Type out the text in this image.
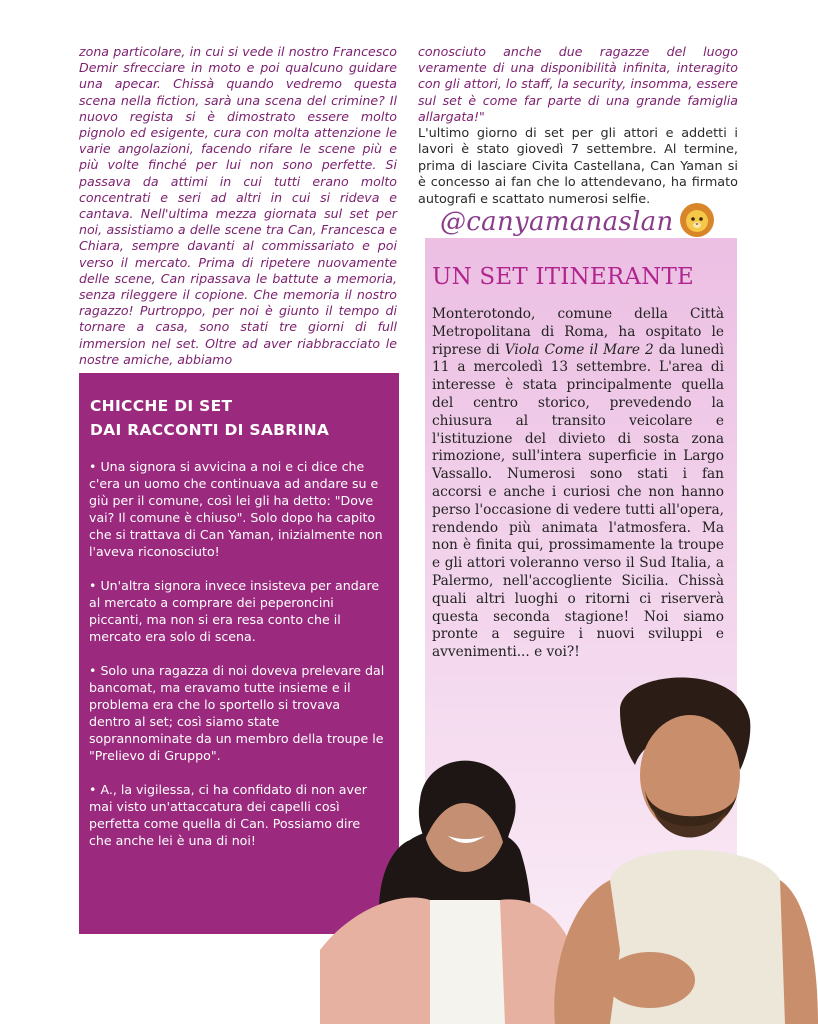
zona particolare, in cui si vede il nostro Francesco Demir sfrecciare in moto e poi qualcuno guidare una apecar. Chissà quando vedremo questa scena nella fiction, sarà una scena del crimine? Il nuovo regista si è dimostrato essere molto pignolo ed esigente, cura con molta attenzione le varie angolazioni, facendo rifare le scene più e più volte finché per lui non sono perfette. Si passava da attimi in cui tutti erano molto concentrati e seri ad altri in cui si rideva e cantava. Nell'ultima mezza giornata sul set per noi, assistiamo a delle scene tra Can, Francesca e Chiara, sempre davanti al commissariato e poi verso il mercato. Prima di ripetere nuovamente delle scene, Can ripassava le battute a memoria, senza rileggere il copione. Che memoria il nostro ragazzo! Purtroppo, per noi è giunto il tempo di tornare a casa, sono stati tre giorni di full immersion nel set. Oltre ad aver riabbracciato le nostre amiche, abbiamo
conosciuto anche due ragazze del luogo veramente di una disponibilità infinita, interagito con gli attori, lo staff, la security, insomma, essere sul set è come far parte di una grande famiglia allargata!"
L'ultimo giorno di set per gli attori e addetti i lavori è stato giovedì 7 settembre. Al termine, prima di lasciare Civita Castellana, Can Yaman si è concesso ai fan che lo attendevano, ha firmato autografi e scattato numerosi selfie.
@canyamanaslan
UN SET ITINERANTE
Monterotondo, comune della Città Metropolitana di Roma, ha ospitato le riprese di Viola Come il Mare 2 da lunedì 11 a mercoledì 13 settembre. L'area di interesse è stata principalmente quella del centro storico, prevedendo la chiusura al transito veicolare e l'istituzione del divieto di sosta zona rimozione, sull'intera superficie in Largo Vassallo. Numerosi sono stati i fan accorsi e anche i curiosi che non hanno perso l'occasione di vedere tutti all'opera, rendendo più animata l'atmosfera. Ma non è finita qui, prossimamente la troupe e gli attori voleranno verso il Sud Italia, a Palermo, nell'accogliente Sicilia. Chissà quali altri luoghi o ritorni ci riserverà questa seconda stagione! Noi siamo pronte a seguire i nuovi sviluppi e avvenimenti... e voi?!
CHICCHE DI SET
DAI RACCONTI DI SABRINA
• Una signora si avvicina a noi e ci dice che c'era un uomo che continuava ad andare su e giù per il comune, così lei gli ha detto: "Dove vai? Il comune è chiuso". Solo dopo ha capito che si trattava di Can Yaman, inizialmente non l'aveva riconosciuto!
• Un'altra signora invece insisteva per andare al mercato a comprare dei peperoncini piccanti, ma non si era resa conto che il mercato era solo di scena.
• Solo una ragazza di noi doveva prelevare dal bancomat, ma eravamo tutte insieme e il problema era che lo sportello si trovava dentro al set; così siamo state soprannominate da un membro della troupe le "Prelievo di Gruppo".
• A., la vigilessa, ci ha confidato di non aver mai visto un'attaccatura dei capelli così perfetta come quella di Can. Possiamo dire che anche lei è una di noi!
